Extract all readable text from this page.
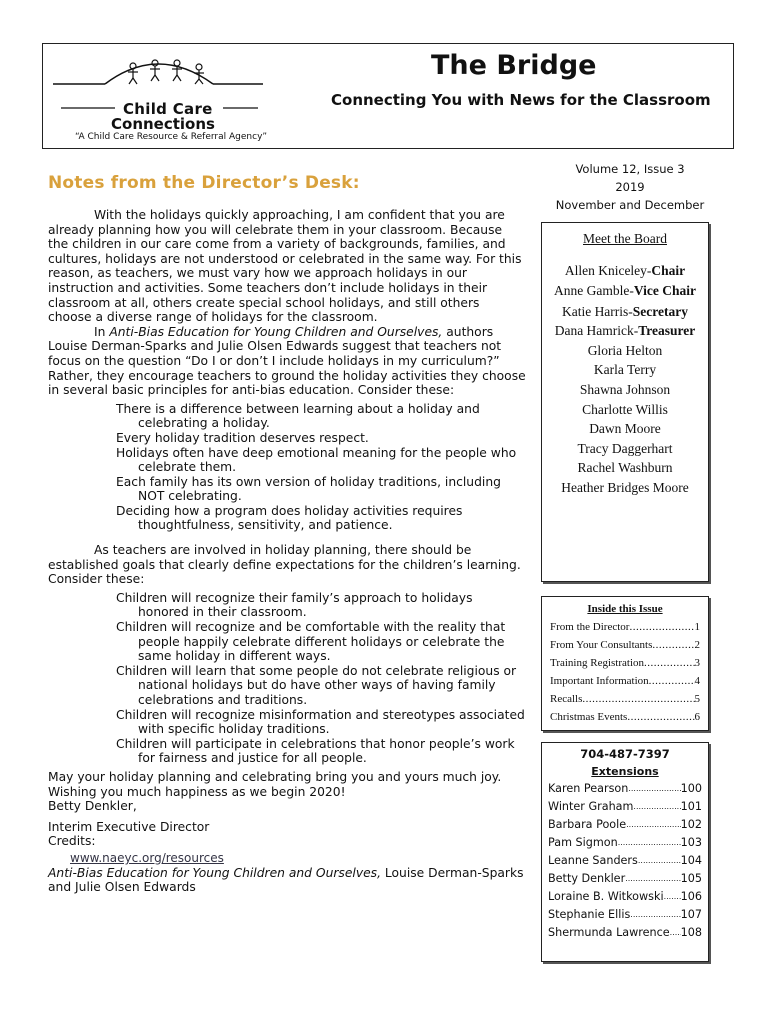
Child Care
Connections
“A Child Care Resource & Referral Agency”
The Bridge
Connecting You with News for the Classroom
Notes from the Director’s Desk:

With the holidays quickly approaching, I am confident that you are already planning how you will celebrate them in your classroom. Because the children in our care come from a variety of backgrounds, families, and cultures, holidays are not understood or celebrated in the same way. For this reason, as teachers, we must vary how we approach holidays in our instruction and activities. Some teachers don’t include holidays in their classroom at all, others create special school holidays, and still others choose a diverse range of holidays for the classroom.

In Anti-Bias Education for Young Children and Ourselves, authors Louise Derman-Sparks and Julie Olsen Edwards suggest that teachers not focus on the question “Do I or don’t I include holidays in my curriculum?” Rather, they encourage teachers to ground the holiday activities they choose in several basic principles for anti-bias education. Consider these:

There is a difference between learning about a holiday and celebrating a holiday.
Every holiday tradition deserves respect.
Holidays often have deep emotional meaning for the people who celebrate them.
Each family has its own version of holiday traditions, including NOT celebrating.
Deciding how a program does holiday activities requires thoughtfulness, sensitivity, and patience.

As teachers are involved in holiday planning, there should be established goals that clearly define expectations for the children’s learning. Consider these:

Children will recognize their family’s approach to holidays honored in their classroom.
Children will recognize and be comfortable with the reality that people happily celebrate different holidays or celebrate the same holiday in different ways.
Children will learn that some people do not celebrate religious or national holidays but do have other ways of having family celebrations and traditions.
Children will recognize misinformation and stereotypes associated with specific holiday traditions.
Children will participate in celebrations that honor people’s work for fairness and justice for all people.

May your holiday planning and celebrating bring you and yours much joy. Wishing you much happiness as we begin 2020!

Betty Denkler,

Interim Executive Director

Credits:

www.naeyc.org/resources

Anti-Bias Education for Young Children and Ourselves, Louise Derman-Sparks and Julie Olsen Edwards

Volume 12, Issue 3
2019
November and December
Meet the Board
Allen Kniceley-Chair
Anne Gamble-Vice Chair
Katie Harris-Secretary
Dana Hamrick-Treasurer
Gloria Helton
Karla Terry
Shawna Johnson
Charlotte Willis
Dawn Moore
Tracy Daggerhart
Rachel Washburn
Heather Bridges Moore
Inside this Issue
From the Director .....	1
From Your Consultants .....	2
Training Registration .....	3
Important Information .....	4
Recalls .....	5
Christmas Events .....	6
704-487-7397
Extensions
Karen Pearson .....	100
Winter Graham .....	101
Barbara Poole .....	102
Pam Sigmon .....	103
Leanne Sanders .....	104
Betty Denkler .....	105
Loraine B. Witkowski ..... 106
Stephanie Ellis .....	107
Shermunda Lawrence ..... 108
